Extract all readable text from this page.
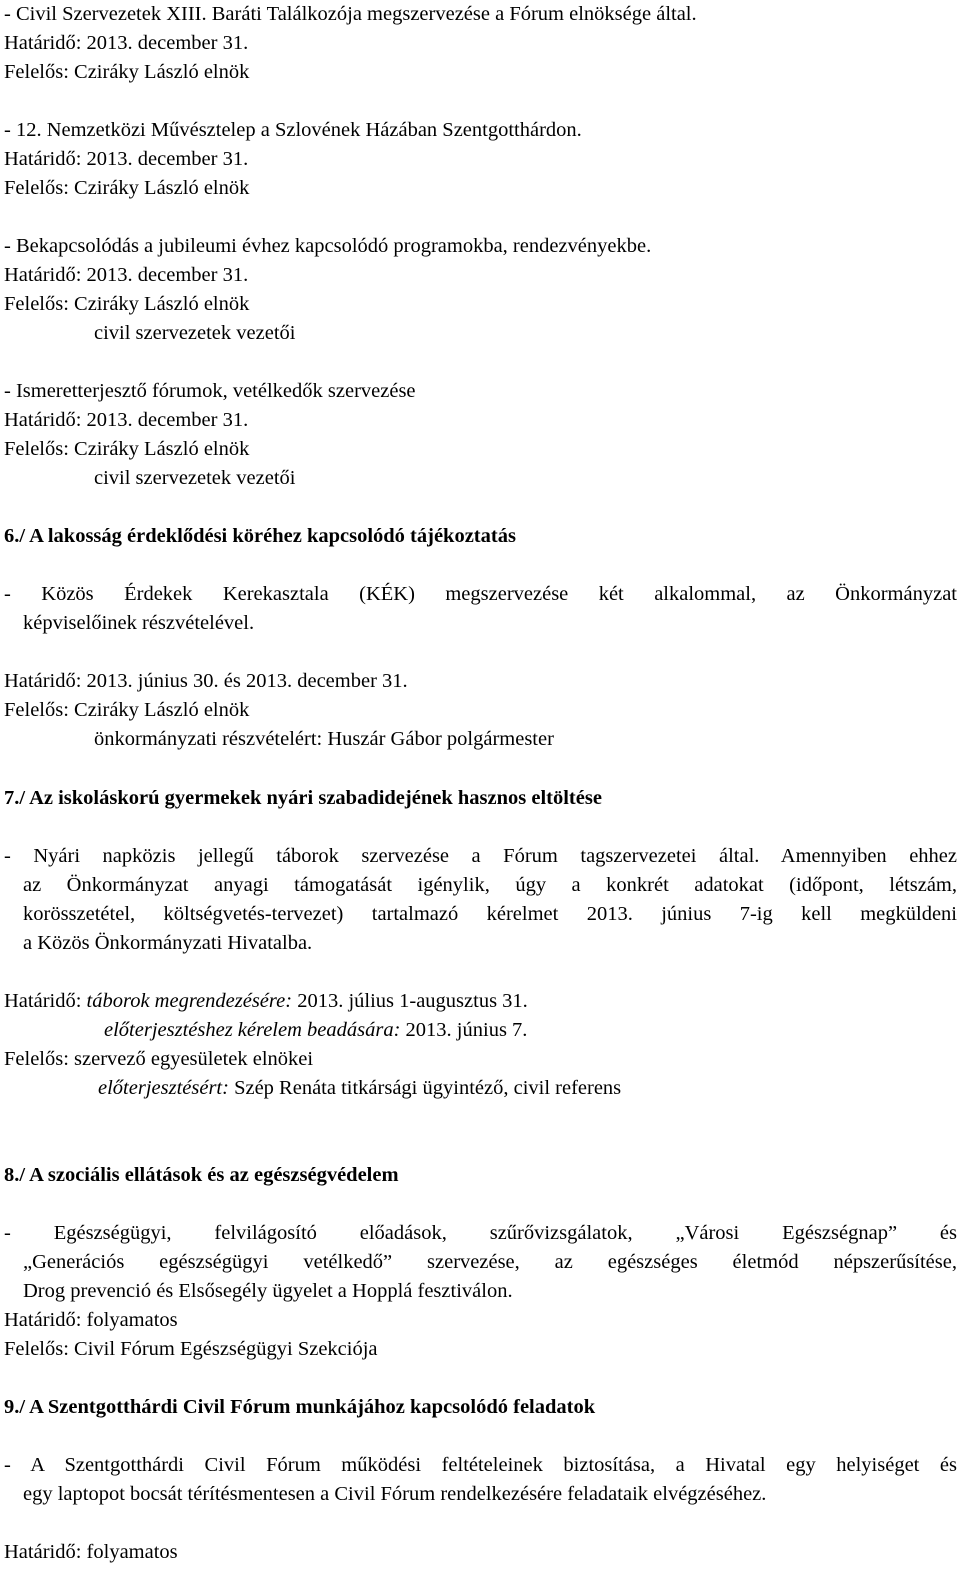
- Civil Szervezetek XIII. Baráti Találkozója megszervezése a Fórum elnöksége által.
Határidő: 2013. december 31.
Felelős: Cziráky László elnök
- 12. Nemzetközi Művésztelep a Szlovének Házában Szentgotthárdon.
Határidő: 2013. december 31.
Felelős: Cziráky László elnök
- Bekapcsolódás a jubileumi évhez kapcsolódó programokba, rendezvényekbe.
Határidő: 2013. december 31.
Felelős: Cziráky László elnök
civil szervezetek vezetői
- Ismeretterjesztő fórumok, vetélkedők szervezése
Határidő: 2013. december 31.
Felelős: Cziráky László elnök
civil szervezetek vezetői
6./ A lakosság érdeklődési köréhez kapcsolódó tájékoztatás
- Közös Érdekek Kerekasztala (KÉK) megszervezése két alkalommal, az Önkormányzat
képviselőinek részvételével.
Határidő: 2013. június 30. és 2013. december 31.
Felelős: Cziráky László elnök
önkormányzati részvételért: Huszár Gábor polgármester
7./ Az iskoláskorú gyermekek nyári szabadidejének hasznos eltöltése
- Nyári napközis jellegű táborok szervezése a Fórum tagszervezetei által. Amennyiben ehhez
az Önkormányzat anyagi támogatását igénylik, úgy a konkrét adatokat (időpont, létszám,
korösszetétel, költségvetés-tervezet) tartalmazó kérelmet 2013. június 7-ig kell megküldeni
a Közös Önkormányzati Hivatalba.
Határidő: táborok megrendezésére: 2013. július 1-augusztus 31.
előterjesztéshez kérelem beadására: 2013. június 7.
Felelős: szervező egyesületek elnökei
előterjesztésért: Szép Renáta titkársági ügyintéző, civil referens
8./ A szociális ellátások és az egészségvédelem
- Egészségügyi, felvilágosító előadások, szűrővizsgálatok, „Városi Egészségnap” és
„Generációs egészségügyi vetélkedő” szervezése, az egészséges életmód népszerűsítése,
Drog prevenció és Elsősegély ügyelet a Hopplá fesztiválon.
Határidő: folyamatos
Felelős: Civil Fórum Egészségügyi Szekciója
9./ A Szentgotthárdi Civil Fórum munkájához kapcsolódó feladatok
- A Szentgotthárdi Civil Fórum működési feltételeinek biztosítása, a Hivatal egy helyiséget és
egy laptopot bocsát térítésmentesen a Civil Fórum rendelkezésére feladataik elvégzéséhez.
Határidő: folyamatos
